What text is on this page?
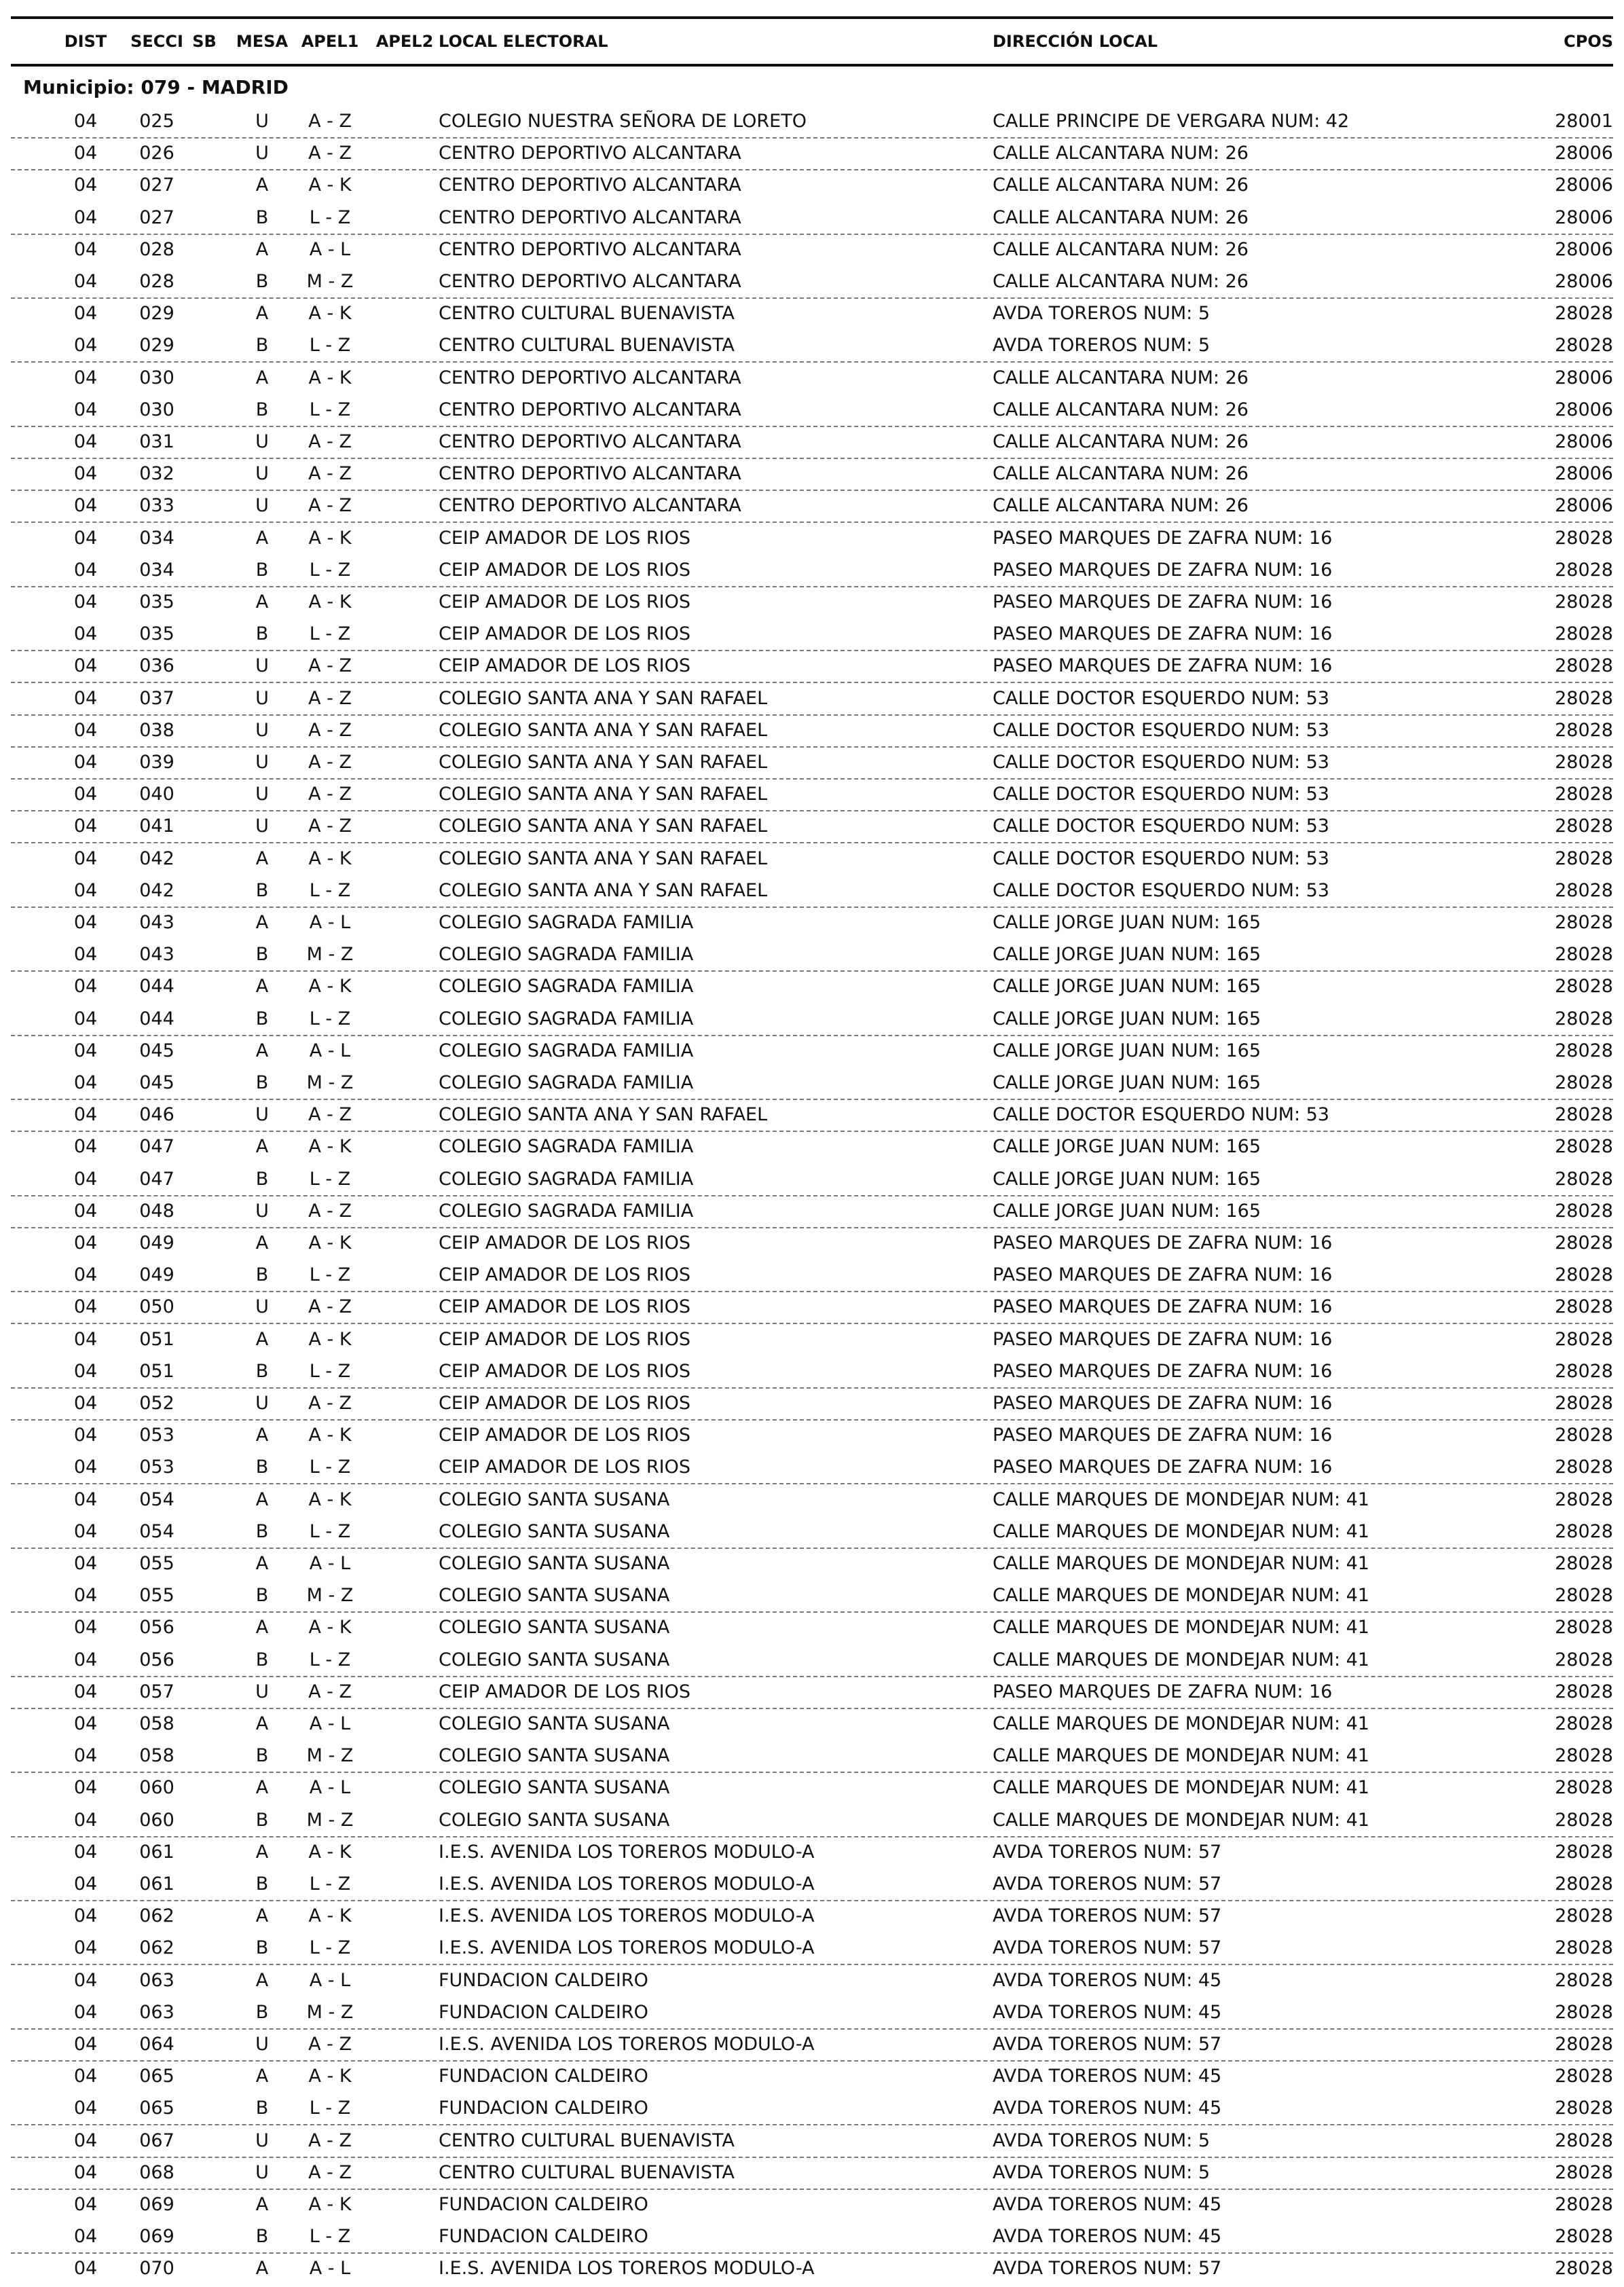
DIST	SECCI SB	MESA APEL1	APEL2 LOCAL ELECTORAL	DIRECCIÓN LOCAL	CPOS
Municipio: 079 - MADRID
04	025	U	A - Z	COLEGIO NUESTRA SEÑORA DE LORETO	CALLE PRINCIPE DE VERGARA NUM: 42	28001
04	026	U	A - Z	CENTRO DEPORTIVO ALCANTARA	CALLE ALCANTARA NUM: 26	28006
04	027	A	A - K	CENTRO DEPORTIVO ALCANTARA	CALLE ALCANTARA NUM: 26	28006
04	027	B	L - Z	CENTRO DEPORTIVO ALCANTARA	CALLE ALCANTARA NUM: 26	28006
04	028	A	A - L	CENTRO DEPORTIVO ALCANTARA	CALLE ALCANTARA NUM: 26	28006
04	028	B	M - Z	CENTRO DEPORTIVO ALCANTARA	CALLE ALCANTARA NUM: 26	28006
04	029	A	A - K	CENTRO CULTURAL BUENAVISTA	AVDA TOREROS NUM: 5	28028
04	029	B	L - Z	CENTRO CULTURAL BUENAVISTA	AVDA TOREROS NUM: 5	28028
04	030	A	A - K	CENTRO DEPORTIVO ALCANTARA	CALLE ALCANTARA NUM: 26	28006
04	030	B	L - Z	CENTRO DEPORTIVO ALCANTARA	CALLE ALCANTARA NUM: 26	28006
04	031	U	A - Z	CENTRO DEPORTIVO ALCANTARA	CALLE ALCANTARA NUM: 26	28006
04	032	U	A - Z	CENTRO DEPORTIVO ALCANTARA	CALLE ALCANTARA NUM: 26	28006
04	033	U	A - Z	CENTRO DEPORTIVO ALCANTARA	CALLE ALCANTARA NUM: 26	28006
04	034	A	A - K	CEIP AMADOR DE LOS RIOS	PASEO MARQUES DE ZAFRA NUM: 16	28028
04	034	B	L - Z	CEIP AMADOR DE LOS RIOS	PASEO MARQUES DE ZAFRA NUM: 16	28028
04	035	A	A - K	CEIP AMADOR DE LOS RIOS	PASEO MARQUES DE ZAFRA NUM: 16	28028
04	035	B	L - Z	CEIP AMADOR DE LOS RIOS	PASEO MARQUES DE ZAFRA NUM: 16	28028
04	036	U	A - Z	CEIP AMADOR DE LOS RIOS	PASEO MARQUES DE ZAFRA NUM: 16	28028
04	037	U	A - Z	COLEGIO SANTA ANA Y SAN RAFAEL	CALLE DOCTOR ESQUERDO NUM: 53	28028
04	038	U	A - Z	COLEGIO SANTA ANA Y SAN RAFAEL	CALLE DOCTOR ESQUERDO NUM: 53	28028
04	039	U	A - Z	COLEGIO SANTA ANA Y SAN RAFAEL	CALLE DOCTOR ESQUERDO NUM: 53	28028
04	040	U	A - Z	COLEGIO SANTA ANA Y SAN RAFAEL	CALLE DOCTOR ESQUERDO NUM: 53	28028
04	041	U	A - Z	COLEGIO SANTA ANA Y SAN RAFAEL	CALLE DOCTOR ESQUERDO NUM: 53	28028
04	042	A	A - K	COLEGIO SANTA ANA Y SAN RAFAEL	CALLE DOCTOR ESQUERDO NUM: 53	28028
04	042	B	L - Z	COLEGIO SANTA ANA Y SAN RAFAEL	CALLE DOCTOR ESQUERDO NUM: 53	28028
04	043	A	A - L	COLEGIO SAGRADA FAMILIA	CALLE JORGE JUAN NUM: 165	28028
04	043	B	M - Z	COLEGIO SAGRADA FAMILIA	CALLE JORGE JUAN NUM: 165	28028
04	044	A	A - K	COLEGIO SAGRADA FAMILIA	CALLE JORGE JUAN NUM: 165	28028
04	044	B	L - Z	COLEGIO SAGRADA FAMILIA	CALLE JORGE JUAN NUM: 165	28028
04	045	A	A - L	COLEGIO SAGRADA FAMILIA	CALLE JORGE JUAN NUM: 165	28028
04	045	B	M - Z	COLEGIO SAGRADA FAMILIA	CALLE JORGE JUAN NUM: 165	28028
04	046	U	A - Z	COLEGIO SANTA ANA Y SAN RAFAEL	CALLE DOCTOR ESQUERDO NUM: 53	28028
04	047	A	A - K	COLEGIO SAGRADA FAMILIA	CALLE JORGE JUAN NUM: 165	28028
04	047	B	L - Z	COLEGIO SAGRADA FAMILIA	CALLE JORGE JUAN NUM: 165	28028
04	048	U	A - Z	COLEGIO SAGRADA FAMILIA	CALLE JORGE JUAN NUM: 165	28028
04	049	A	A - K	CEIP AMADOR DE LOS RIOS	PASEO MARQUES DE ZAFRA NUM: 16	28028
04	049	B	L - Z	CEIP AMADOR DE LOS RIOS	PASEO MARQUES DE ZAFRA NUM: 16	28028
04	050	U	A - Z	CEIP AMADOR DE LOS RIOS	PASEO MARQUES DE ZAFRA NUM: 16	28028
04	051	A	A - K	CEIP AMADOR DE LOS RIOS	PASEO MARQUES DE ZAFRA NUM: 16	28028
04	051	B	L - Z	CEIP AMADOR DE LOS RIOS	PASEO MARQUES DE ZAFRA NUM: 16	28028
04	052	U	A - Z	CEIP AMADOR DE LOS RIOS	PASEO MARQUES DE ZAFRA NUM: 16	28028
04	053	A	A - K	CEIP AMADOR DE LOS RIOS	PASEO MARQUES DE ZAFRA NUM: 16	28028
04	053	B	L - Z	CEIP AMADOR DE LOS RIOS	PASEO MARQUES DE ZAFRA NUM: 16	28028
04	054	A	A - K	COLEGIO SANTA SUSANA	CALLE MARQUES DE MONDEJAR NUM: 41	28028
04	054	B	L - Z	COLEGIO SANTA SUSANA	CALLE MARQUES DE MONDEJAR NUM: 41	28028
04	055	A	A - L	COLEGIO SANTA SUSANA	CALLE MARQUES DE MONDEJAR NUM: 41	28028
04	055	B	M - Z	COLEGIO SANTA SUSANA	CALLE MARQUES DE MONDEJAR NUM: 41	28028
04	056	A	A - K	COLEGIO SANTA SUSANA	CALLE MARQUES DE MONDEJAR NUM: 41	28028
04	056	B	L - Z	COLEGIO SANTA SUSANA	CALLE MARQUES DE MONDEJAR NUM: 41	28028
04	057	U	A - Z	CEIP AMADOR DE LOS RIOS	PASEO MARQUES DE ZAFRA NUM: 16	28028
04	058	A	A - L	COLEGIO SANTA SUSANA	CALLE MARQUES DE MONDEJAR NUM: 41	28028
04	058	B	M - Z	COLEGIO SANTA SUSANA	CALLE MARQUES DE MONDEJAR NUM: 41	28028
04	060	A	A - L	COLEGIO SANTA SUSANA	CALLE MARQUES DE MONDEJAR NUM: 41	28028
04	060	B	M - Z	COLEGIO SANTA SUSANA	CALLE MARQUES DE MONDEJAR NUM: 41	28028
04	061	A	A - K	I.E.S. AVENIDA LOS TOREROS MODULO-A	AVDA TOREROS NUM: 57	28028
04	061	B	L - Z	I.E.S. AVENIDA LOS TOREROS MODULO-A	AVDA TOREROS NUM: 57	28028
04	062	A	A - K	I.E.S. AVENIDA LOS TOREROS MODULO-A	AVDA TOREROS NUM: 57	28028
04	062	B	L - Z	I.E.S. AVENIDA LOS TOREROS MODULO-A	AVDA TOREROS NUM: 57	28028
04	063	A	A - L	FUNDACION CALDEIRO	AVDA TOREROS NUM: 45	28028
04	063	B	M - Z	FUNDACION CALDEIRO	AVDA TOREROS NUM: 45	28028
04	064	U	A - Z	I.E.S. AVENIDA LOS TOREROS MODULO-A	AVDA TOREROS NUM: 57	28028
04	065	A	A - K	FUNDACION CALDEIRO	AVDA TOREROS NUM: 45	28028
04	065	B	L - Z	FUNDACION CALDEIRO	AVDA TOREROS NUM: 45	28028
04	067	U	A - Z	CENTRO CULTURAL BUENAVISTA	AVDA TOREROS NUM: 5	28028
04	068	U	A - Z	CENTRO CULTURAL BUENAVISTA	AVDA TOREROS NUM: 5	28028
04	069	A	A - K	FUNDACION CALDEIRO	AVDA TOREROS NUM: 45	28028
04	069	B	L - Z	FUNDACION CALDEIRO	AVDA TOREROS NUM: 45	28028
04	070	A	A - L	I.E.S. AVENIDA LOS TOREROS MODULO-A	AVDA TOREROS NUM: 57	28028
